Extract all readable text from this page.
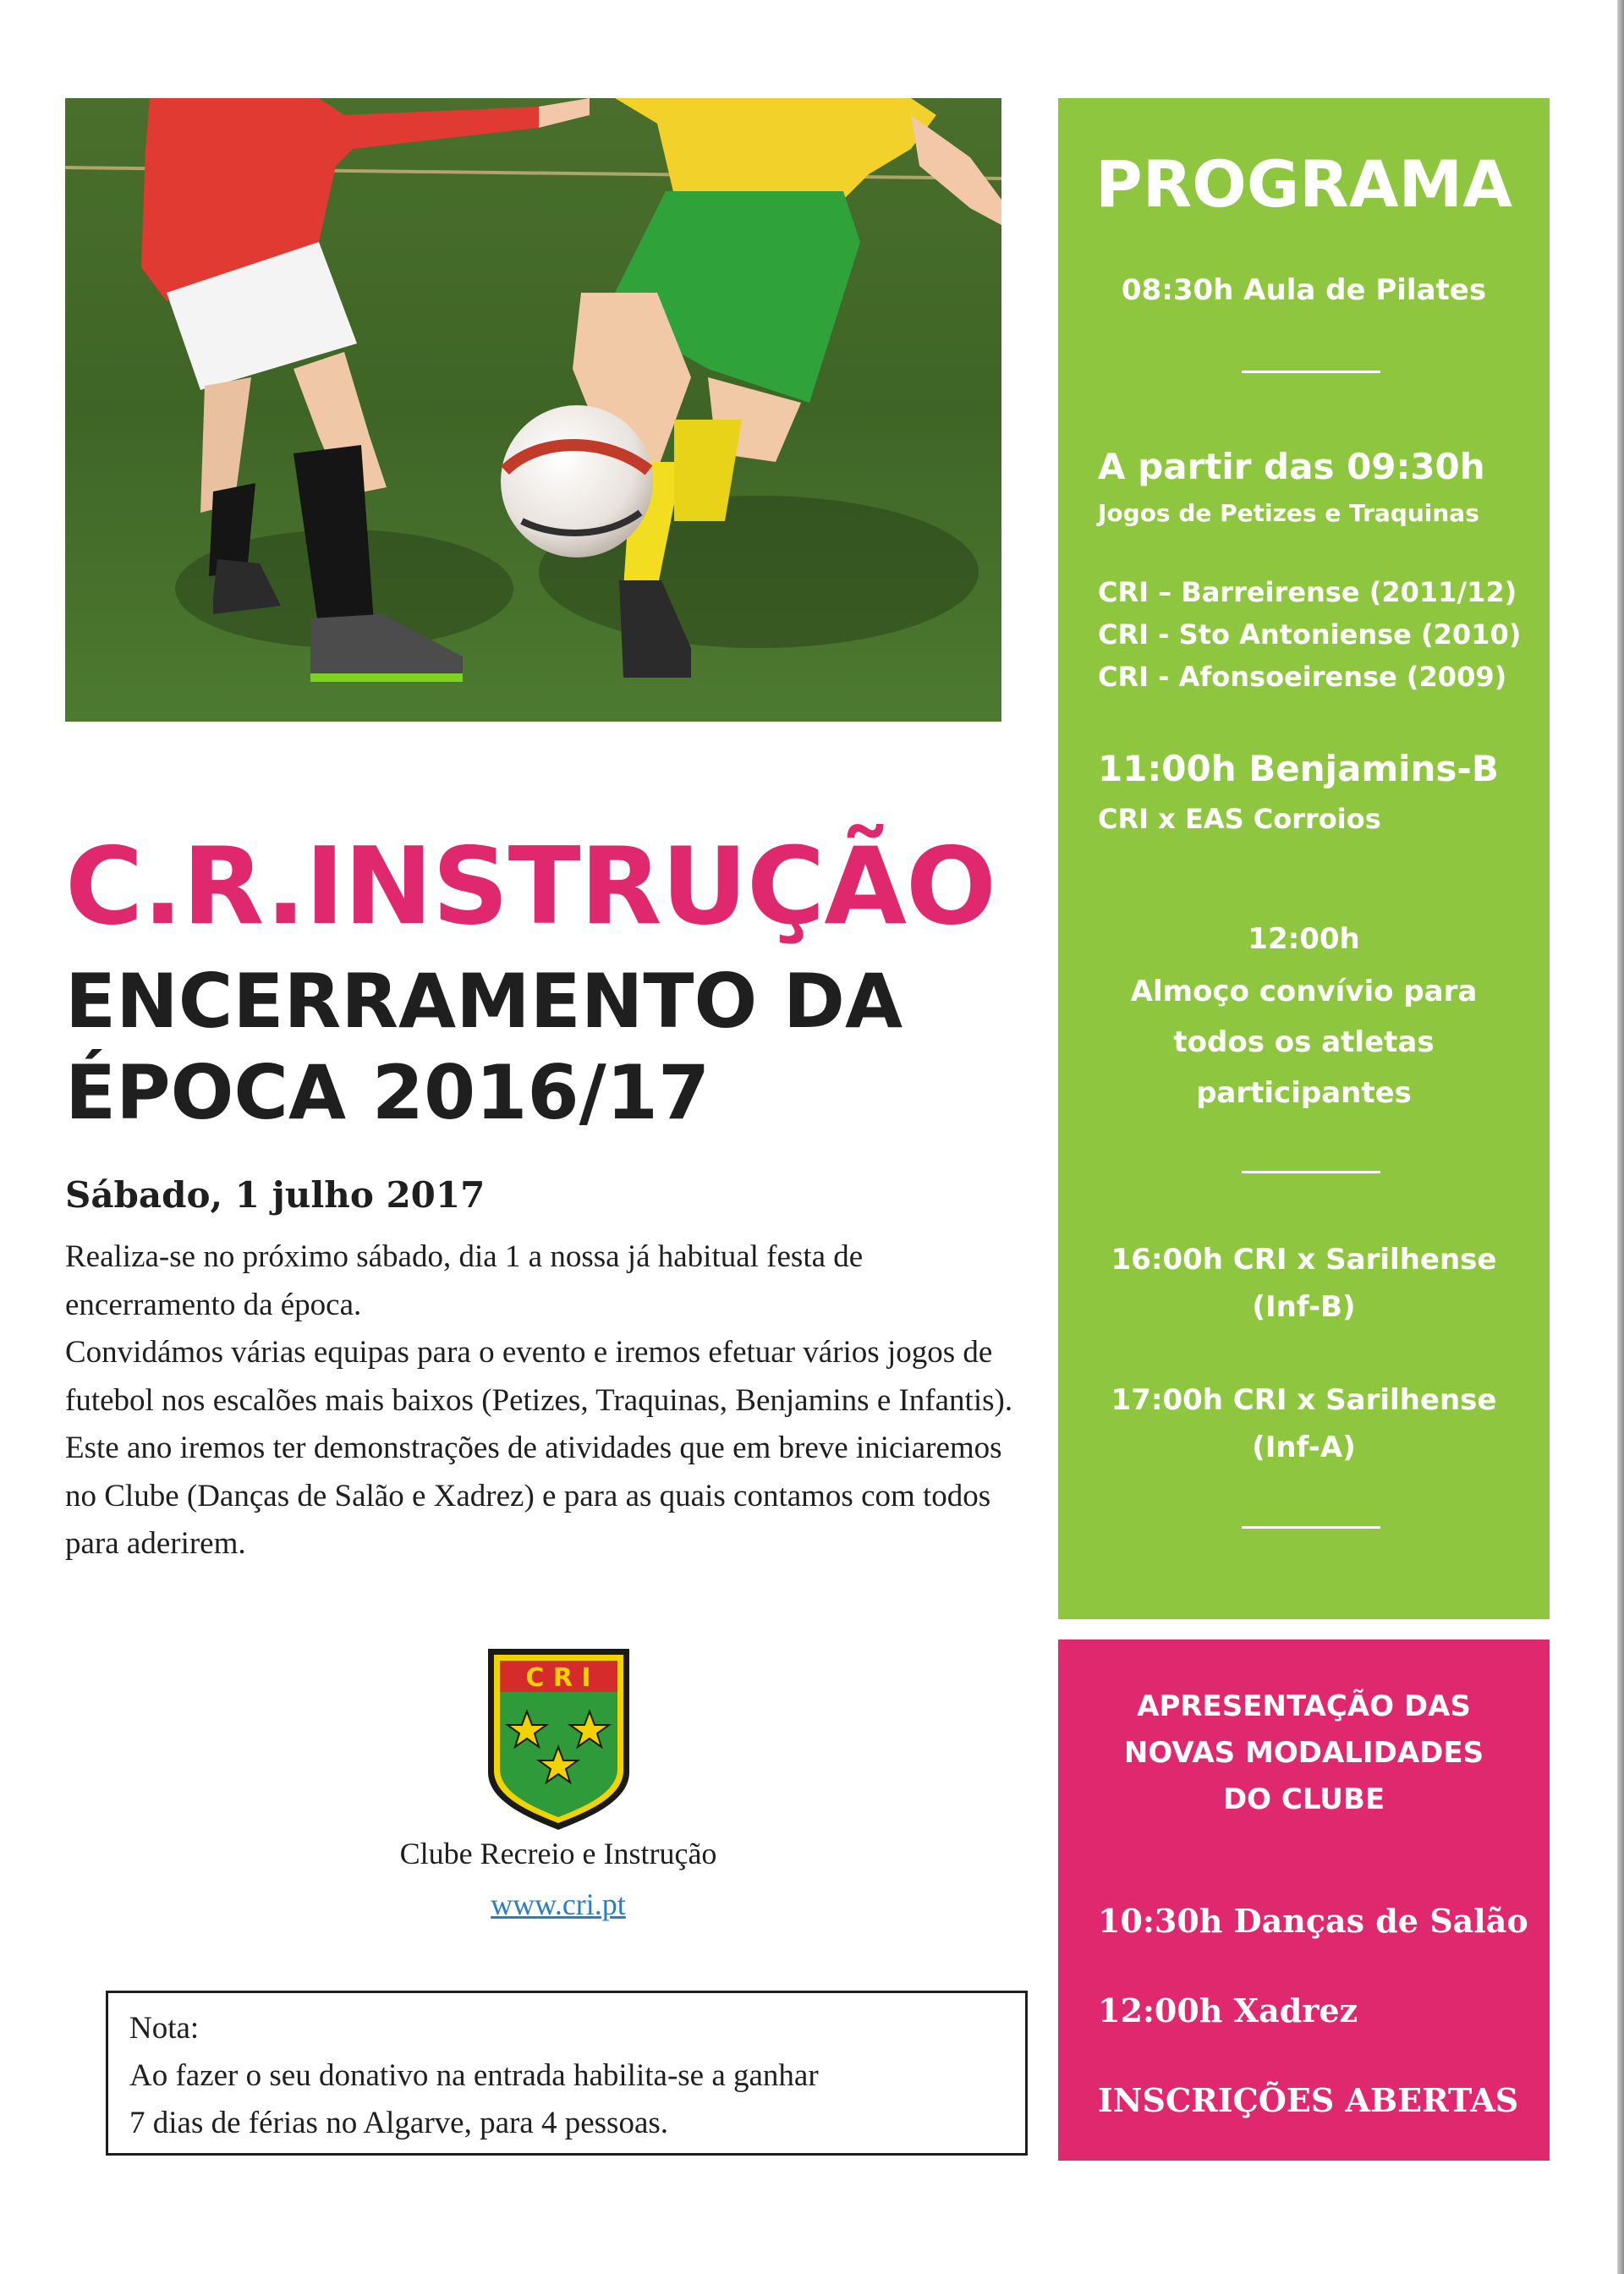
C.R.INSTRUÇÃO
ENCERRAMENTO DA
ÉPOCA 2016/17
Sábado, 1 julho 2017

Realiza-se no próximo sábado, dia 1 a nossa já habitual festa de encerramento da época.

Convidámos várias equipas para o evento e iremos efetuar vários jogos de futebol nos escalões mais baixos (Petizes, Traquinas, Benjamins e Infantis).

Este ano iremos ter demonstrações de atividades que em breve iniciaremos no Clube (Danças de Salão e Xadrez) e para as quais contamos com todos para aderirem.

C R I
Clube Recreio e Instrução
www.cri.pt

Nota:

Ao fazer o seu donativo na entrada habilita-se a ganhar

7 dias de férias no Algarve, para 4 pessoas.

PROGRAMA
08:30h Aula de Pilates
A partir das 09:30h
Jogos de Petizes e Traquinas
CRI – Barreirense (2011/12)
CRI - Sto Antoniense (2010)
CRI - Afonsoeirense (2009)
11:00h Benjamins-B
CRI x EAS Corroios
12:00h
Almoço convívio para
todos os atletas
participantes
16:00h CRI x Sarilhense
(Inf-B)
17:00h CRI x Sarilhense
(Inf-A)
APRESENTAÇÃO DAS
NOVAS MODALIDADES
DO CLUBE
10:30h Danças de Salão
12:00h Xadrez
INSCRIÇÕES ABERTAS
